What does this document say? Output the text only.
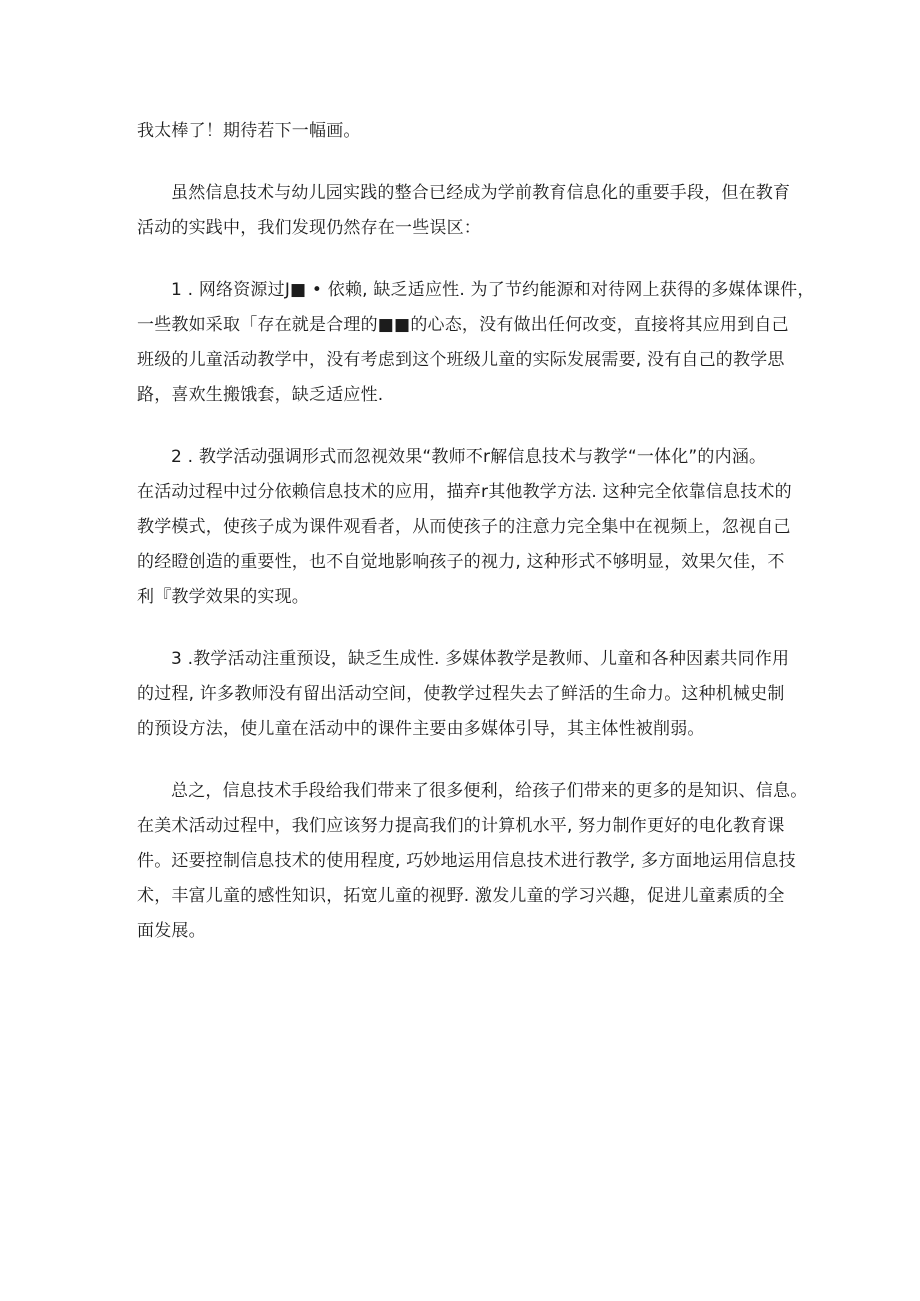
我太棒了！期待若下一幅画。

虽然信息技术与幼儿园实践的整合已经成为学前教育信息化的重要手段，但在教育
活动的实践中，我们发现仍然存在一些误区：

1 . 网络资源过J■ • 依赖, 缺乏适应性. 为了节约能源和对待网上获得的多媒体课件，
一些教如采取「存在就是合理的■■的心态，没有做出任何改变，直接将其应用到自己
班级的儿童活动教学中，没有考虑到这个班级儿童的实际发展需要, 没有自己的教学思
路，喜欢生搬饿套，缺乏适应性.

2 . 教学活动强调形式而忽视效果“教师不r解信息技术与教学“一体化”的内涵。
在活动过程中过分依赖信息技术的应用，描弃r其他教学方法. 这种完全依靠信息技术的
教学模式，使孩子成为课件观看者，从而使孩子的注意力完全集中在视频上，忽视自己
的经瞪创造的重要性，也不自觉地影响孩子的视力, 这种形式不够明显，效果欠佳，不
利『教学效果的实现。

3 .教学活动注重预设，缺乏生成性. 多媒体教学是教师、儿童和各种因素共同作用
的过程, 许多教师没有留出活动空间，使教学过程失去了鲜活的生命力。这种机械史制
的预设方法，使儿童在活动中的课件主要由多媒体引导，其主体性被削弱。

总之，信息技术手段给我们带来了很多便利，给孩子们带来的更多的是知识、信息。
在美术活动过程中，我们应该努力提高我们的计算机水平, 努力制作更好的电化教育课
件。还要控制信息技术的使用程度, 巧妙地运用信息技术进行教学, 多方面地运用信息技
术，丰富儿童的感性知识，拓宽儿童的视野. 激发儿童的学习兴趣，促进儿童素质的全
面发展。
